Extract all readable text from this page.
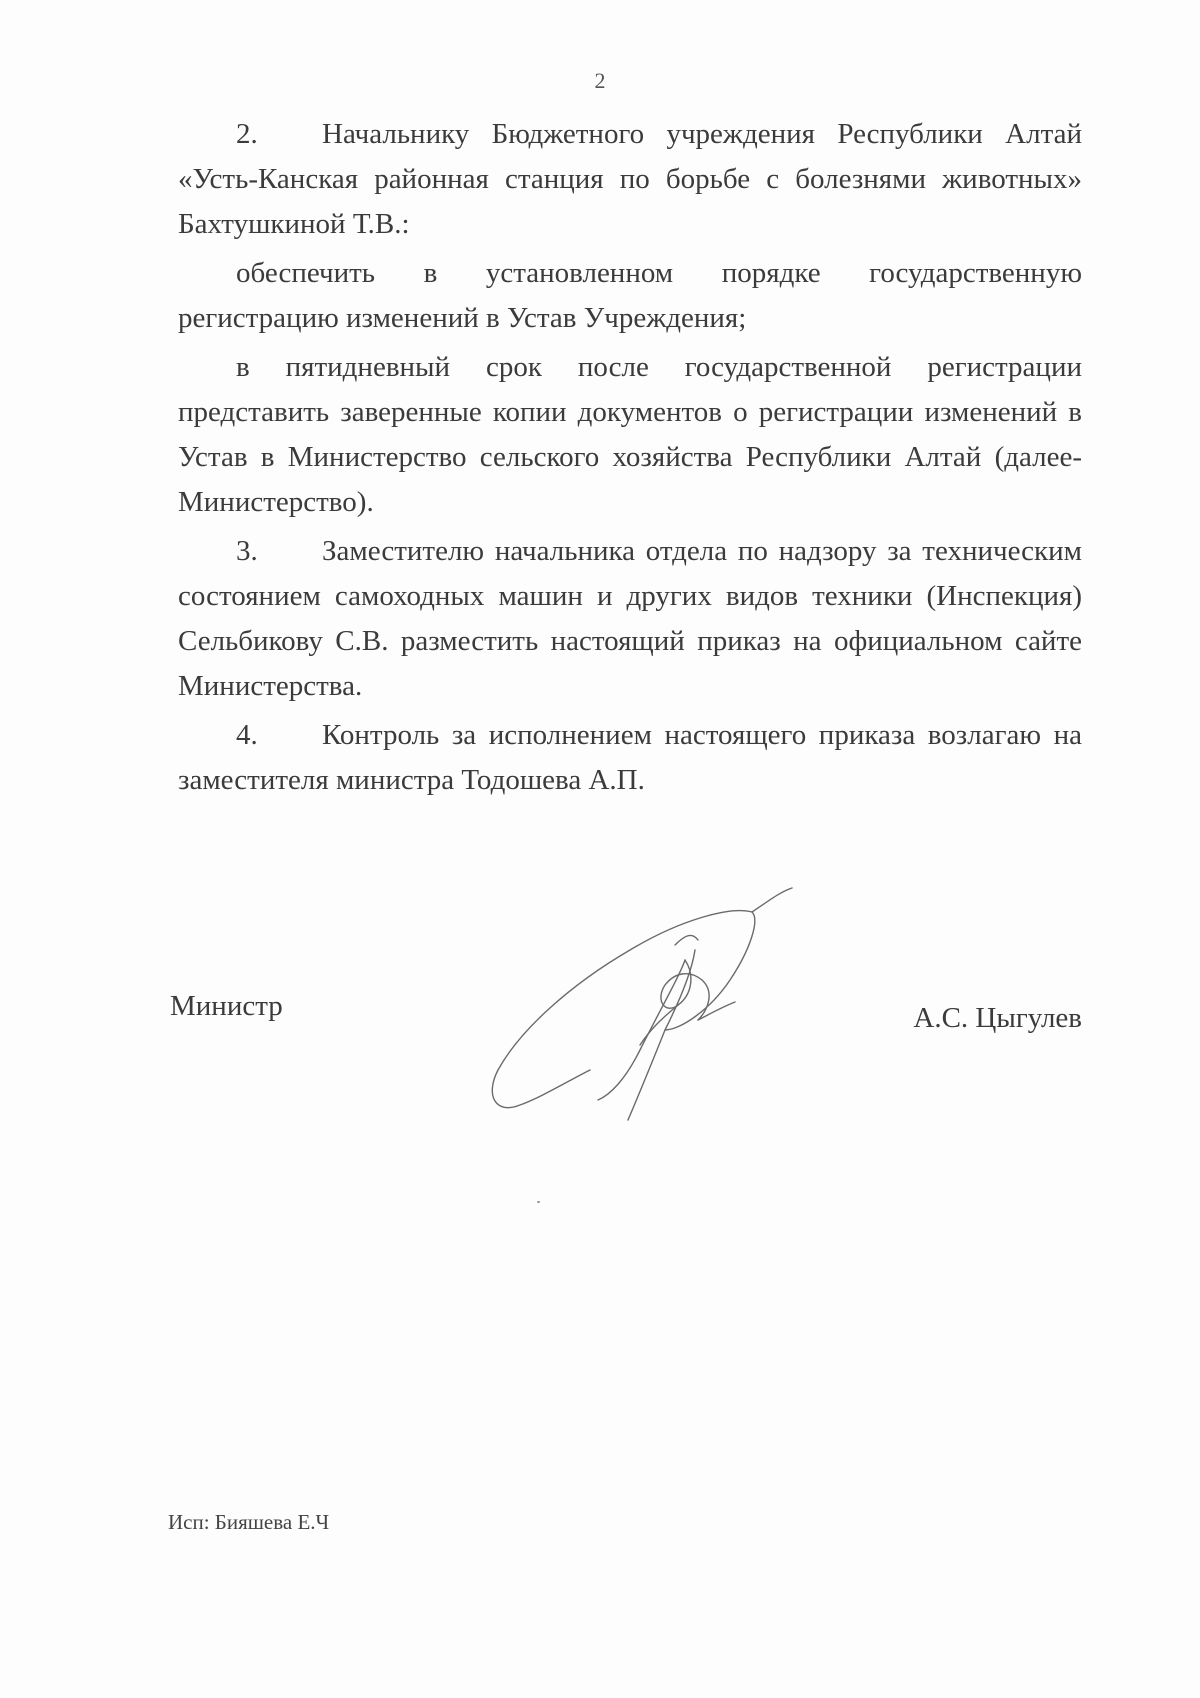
2

2. Начальнику Бюджетного учреждения Республики Алтай «Усть-Канская районная станция по борьбе с болезнями животных» Бахтушкиной Т.В.:

обеспечить в установленном порядке государственную регистрацию изменений в Устав Учреждения;

в пятидневный срок после государственной регистрации представить заверенные копии документов о регистрации изменений в Устав в Министерство сельского хозяйства Республики Алтай (далее-Министерство).

3. Заместителю начальника отдела по надзору за техническим состоянием самоходных машин и других видов техники (Инспекция) Сельбикову С.В. разместить настоящий приказ на официальном сайте Министерства.

4. Контроль за исполнением настоящего приказа возлагаю на заместителя министра Тодошева А.П.

Министр	А.С. Цыгулев
Исп: Бияшева Е.Ч
